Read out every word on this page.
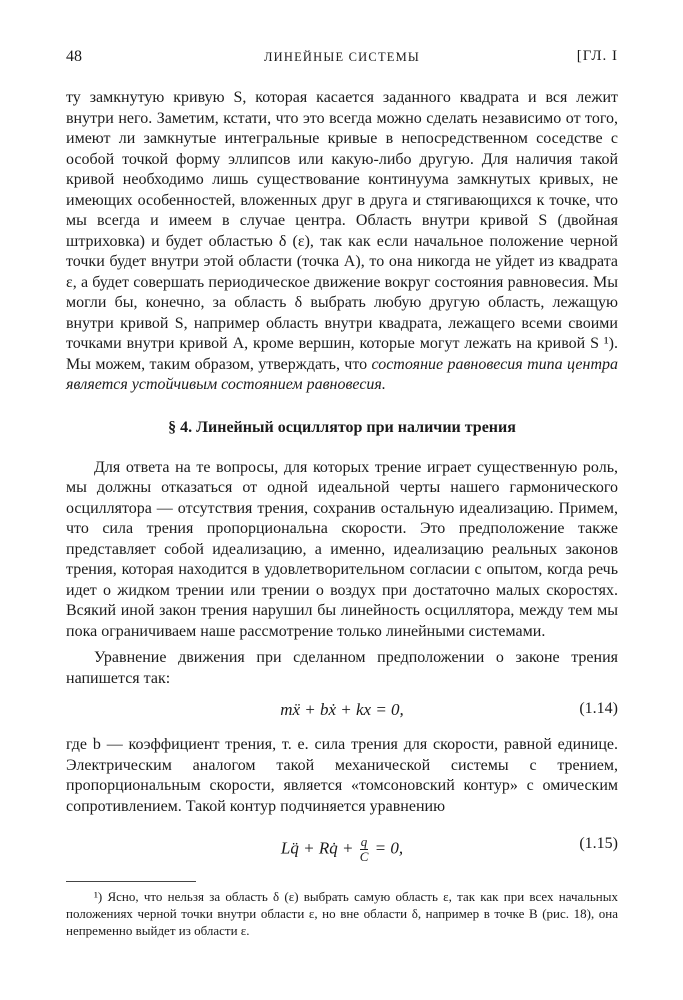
48	ЛИНЕЙНЫЕ СИСТЕМЫ	[ГЛ. I

ту замкнутую кривую S, которая касается заданного квадрата и вся лежит внутри него. Заметим, кстати, что это всегда можно сделать независимо от того, имеют ли замкнутые интегральные кривые в непосредственном соседстве с особой точкой форму эллипсов или какую-либо другую. Для наличия такой кривой необходимо лишь существование континуума замкнутых кривых, не имеющих особенностей, вложенных друг в друга и стягивающихся к точке, что мы всегда и имеем в случае центра. Область внутри кривой S (двойная штриховка) и будет областью δ (ε), так как если начальное положение черной точки будет внутри этой области (точка A), то она никогда не уйдет из квадрата ε, а будет совершать периодическое движение вокруг состояния равновесия. Мы могли бы, конечно, за область δ выбрать любую другую область, лежащую внутри кривой S, например область внутри квадрата, лежащего всеми своими точками внутри кривой A, кроме вершин, которые могут лежать на кривой S ¹). Мы можем, таким образом, утверждать, что состояние равновесия типа центра является устойчивым состоянием равновесия.

§ 4. Линейный осциллятор при наличии трения

Для ответа на те вопросы, для которых трение играет существенную роль, мы должны отказаться от одной идеальной черты нашего гармонического осциллятора — отсутствия трения, сохранив остальную идеализацию. Примем, что сила трения пропорциональна скорости. Это предположение также представляет собой идеализацию, а именно, идеализацию реальных законов трения, которая находится в удовлетворительном согласии с опытом, когда речь идет о жидком трении или трении о воздух при достаточно малых скоростях. Всякий иной закон трения нарушил бы линейность осциллятора, между тем мы пока ограничиваем наше рассмотрение только линейными системами.

Уравнение движения при сделанном предположении о законе трения напишется так:

mẍ + bẋ + kx = 0,	(1.14)

где b — коэффициент трения, т. е. сила трения для скорости, равной единице. Электрическим аналогом такой механической системы с трением, пропорциональным скорости, является «томсоновский контур» с омическим сопротивлением. Такой контур подчиняется уравнению

Lq̈ + Rq̇ + $\frac{q}{C} = 0$,	(1.15)

¹) Ясно, что нельзя за область δ (ε) выбрать самую область ε, так как при всех начальных положениях черной точки внутри области ε, но вне области δ, например в точке B (рис. 18), она непременно выйдет из области ε.
